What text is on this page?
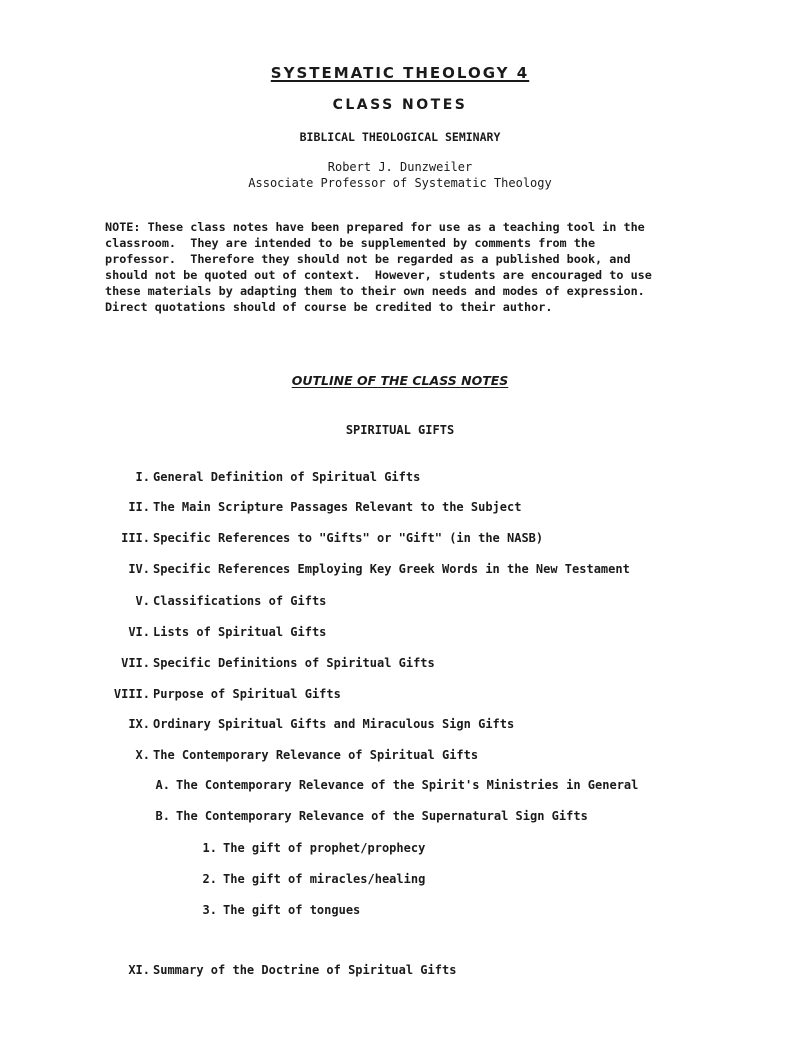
SYSTEMATIC THEOLOGY 4
CLASS NOTES
BIBLICAL THEOLOGICAL SEMINARY
Robert J. Dunzweiler
Associate Professor of Systematic Theology
NOTE: These class notes have been prepared for use as a teaching tool in the
classroom.  They are intended to be supplemented by comments from the
professor.  Therefore they should not be regarded as a published book, and
should not be quoted out of context.  However, students are encouraged to use
these materials by adapting them to their own needs and modes of expression.
Direct quotations should of course be credited to their author.
OUTLINE OF THE CLASS NOTES
SPIRITUAL GIFTS
I. General Definition of Spiritual Gifts
II. The Main Scripture Passages Relevant to the Subject
III. Specific References to "Gifts" or "Gift" (in the NASB)
IV. Specific References Employing Key Greek Words in the New Testament
V. Classifications of Gifts
VI. Lists of Spiritual Gifts
VII. Specific Definitions of Spiritual Gifts
VIII. Purpose of Spiritual Gifts
IX. Ordinary Spiritual Gifts and Miraculous Sign Gifts
X. The Contemporary Relevance of Spiritual Gifts
A. The Contemporary Relevance of the Spirit's Ministries in General
B. The Contemporary Relevance of the Supernatural Sign Gifts
1. The gift of prophet/prophecy
2. The gift of miracles/healing
3. The gift of tongues
XI. Summary of the Doctrine of Spiritual Gifts
